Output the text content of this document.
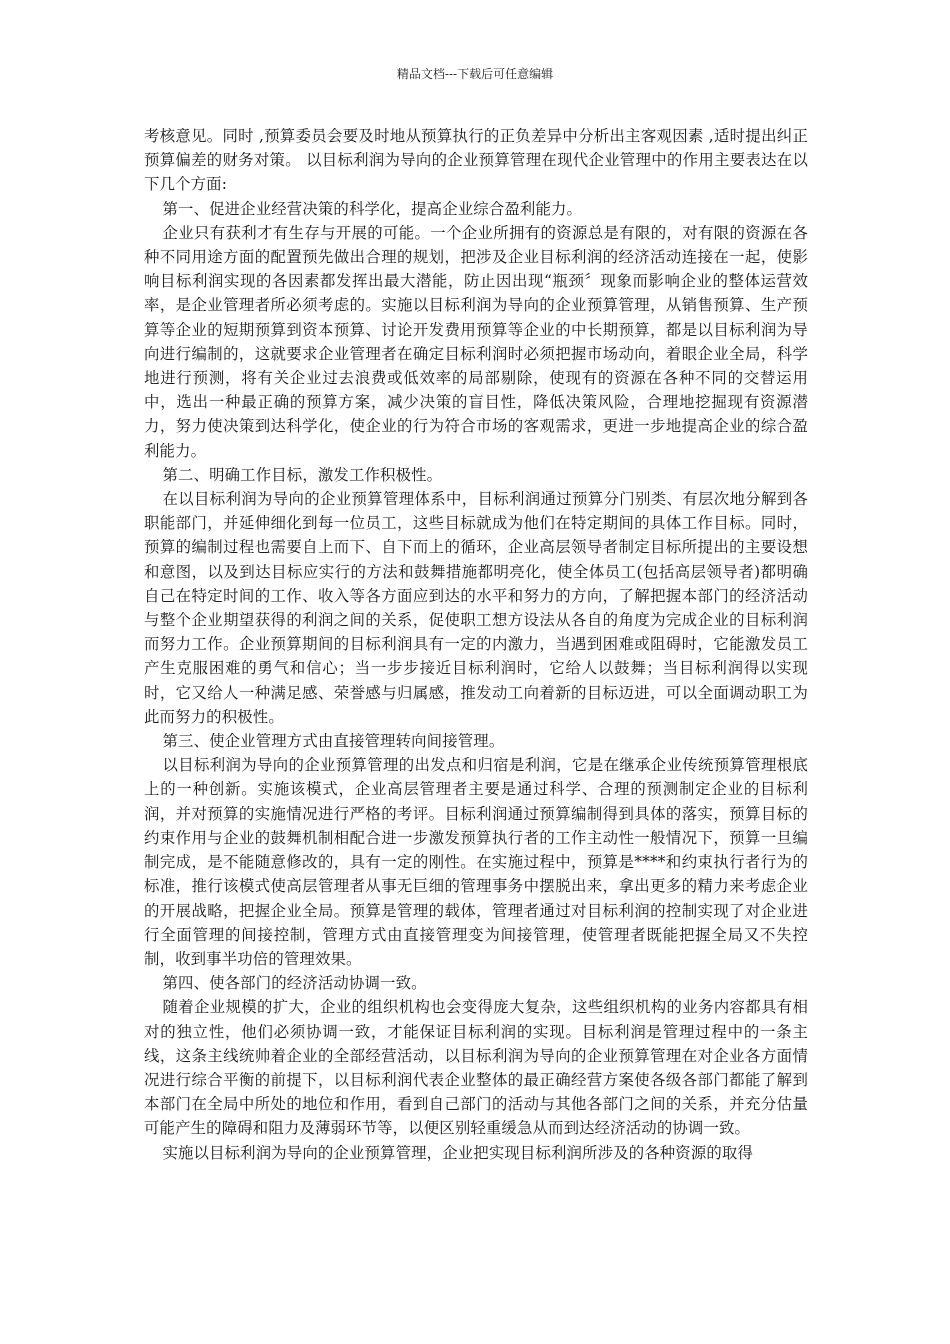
精品文档---下载后可任意编辑

考核意见。同时 ,预算委员会要及时地从预算执行的正负差异中分析出主客观因素 ,适时提出纠正预算偏差的财务对策。 以目标利润为导向的企业预算管理在现代企业管理中的作用主要表达在以下几个方面:

第一、促进企业经营决策的科学化，提高企业综合盈利能力。

企业只有获利才有生存与开展的可能。一个企业所拥有的资源总是有限的，对有限的资源在各种不同用途方面的配置预先做出合理的规划，把涉及企业目标利润的经济活动连接在一起，使影响目标利润实现的各因素都发挥出最大潜能，防止因出现“瓶颈〞现象而影响企业的整体运营效率，是企业管理者所必须考虑的。实施以目标利润为导向的企业预算管理，从销售预算、生产预算等企业的短期预算到资本预算、讨论开发费用预算等企业的中长期预算，都是以目标利润为导向进行编制的，这就要求企业管理者在确定目标利润时必须把握市场动向，着眼企业全局，科学地进行预测，将有关企业过去浪费或低效率的局部剔除，使现有的资源在各种不同的交替运用中，选出一种最正确的预算方案，减少决策的盲目性，降低决策风险，合理地挖掘现有资源潜力，努力使决策到达科学化，使企业的行为符合市场的客观需求，更进一步地提高企业的综合盈利能力。

第二、明确工作目标，激发工作积极性。

在以目标利润为导向的企业预算管理体系中，目标利润通过预算分门别类、有层次地分解到各职能部门，并延伸细化到每一位员工，这些目标就成为他们在特定期间的具体工作目标。同时，预算的编制过程也需要自上而下、自下而上的循环，企业高层领导者制定目标所提出的主要设想和意图，以及到达目标应实行的方法和鼓舞措施都明亮化，使全体员工(包括高层领导者)都明确自己在特定时间的工作、收入等各方面应到达的水平和努力的方向，了解把握本部门的经济活动与整个企业期望获得的利润之间的关系，促使职工想方设法从各自的角度为完成企业的目标利润而努力工作。企业预算期间的目标利润具有一定的内激力，当遇到困难或阻碍时，它能激发员工产生克服困难的勇气和信心；当一步步接近目标利润时，它给人以鼓舞；当目标利润得以实现时，它又给人一种满足感、荣誉感与归属感，推发动工向着新的目标迈进，可以全面调动职工为此而努力的积极性。

第三、使企业管理方式由直接管理转向间接管理。

以目标利润为导向的企业预算管理的出发点和归宿是利润，它是在继承企业传统预算管理根底上的一种创新。实施该模式，企业高层管理者主要是通过科学、合理的预测制定企业的目标利润，并对预算的实施情况进行严格的考评。目标利润通过预算编制得到具体的落实，预算目标的约束作用与企业的鼓舞机制相配合进一步激发预算执行者的工作主动性一般情况下，预算一旦编制完成，是不能随意修改的，具有一定的刚性。在实施过程中，预算是****和约束执行者行为的标准，推行该模式使高层管理者从事无巨细的管理事务中摆脱出来，拿出更多的精力来考虑企业的开展战略，把握企业全局。预算是管理的载体，管理者通过对目标利润的控制实现了对企业进行全面管理的间接控制，管理方式由直接管理变为间接管理，使管理者既能把握全局又不失控制，收到事半功倍的管理效果。

第四、使各部门的经济活动协调一致。

随着企业规模的扩大，企业的组织机构也会变得庞大复杂，这些组织机构的业务内容都具有相对的独立性，他们必须协调一致，才能保证目标利润的实现。目标利润是管理过程中的一条主线，这条主线统帅着企业的全部经营活动，以目标利润为导向的企业预算管理在对企业各方面情况进行综合平衡的前提下，以目标利润代表企业整体的最正确经营方案使各级各部门都能了解到本部门在全局中所处的地位和作用，看到自己部门的活动与其他各部门之间的关系，并充分估量可能产生的障碍和阻力及薄弱环节等，以便区别轻重缓急从而到达经济活动的协调一致。

实施以目标利润为导向的企业预算管理，企业把实现目标利润所涉及的各种资源的取得
